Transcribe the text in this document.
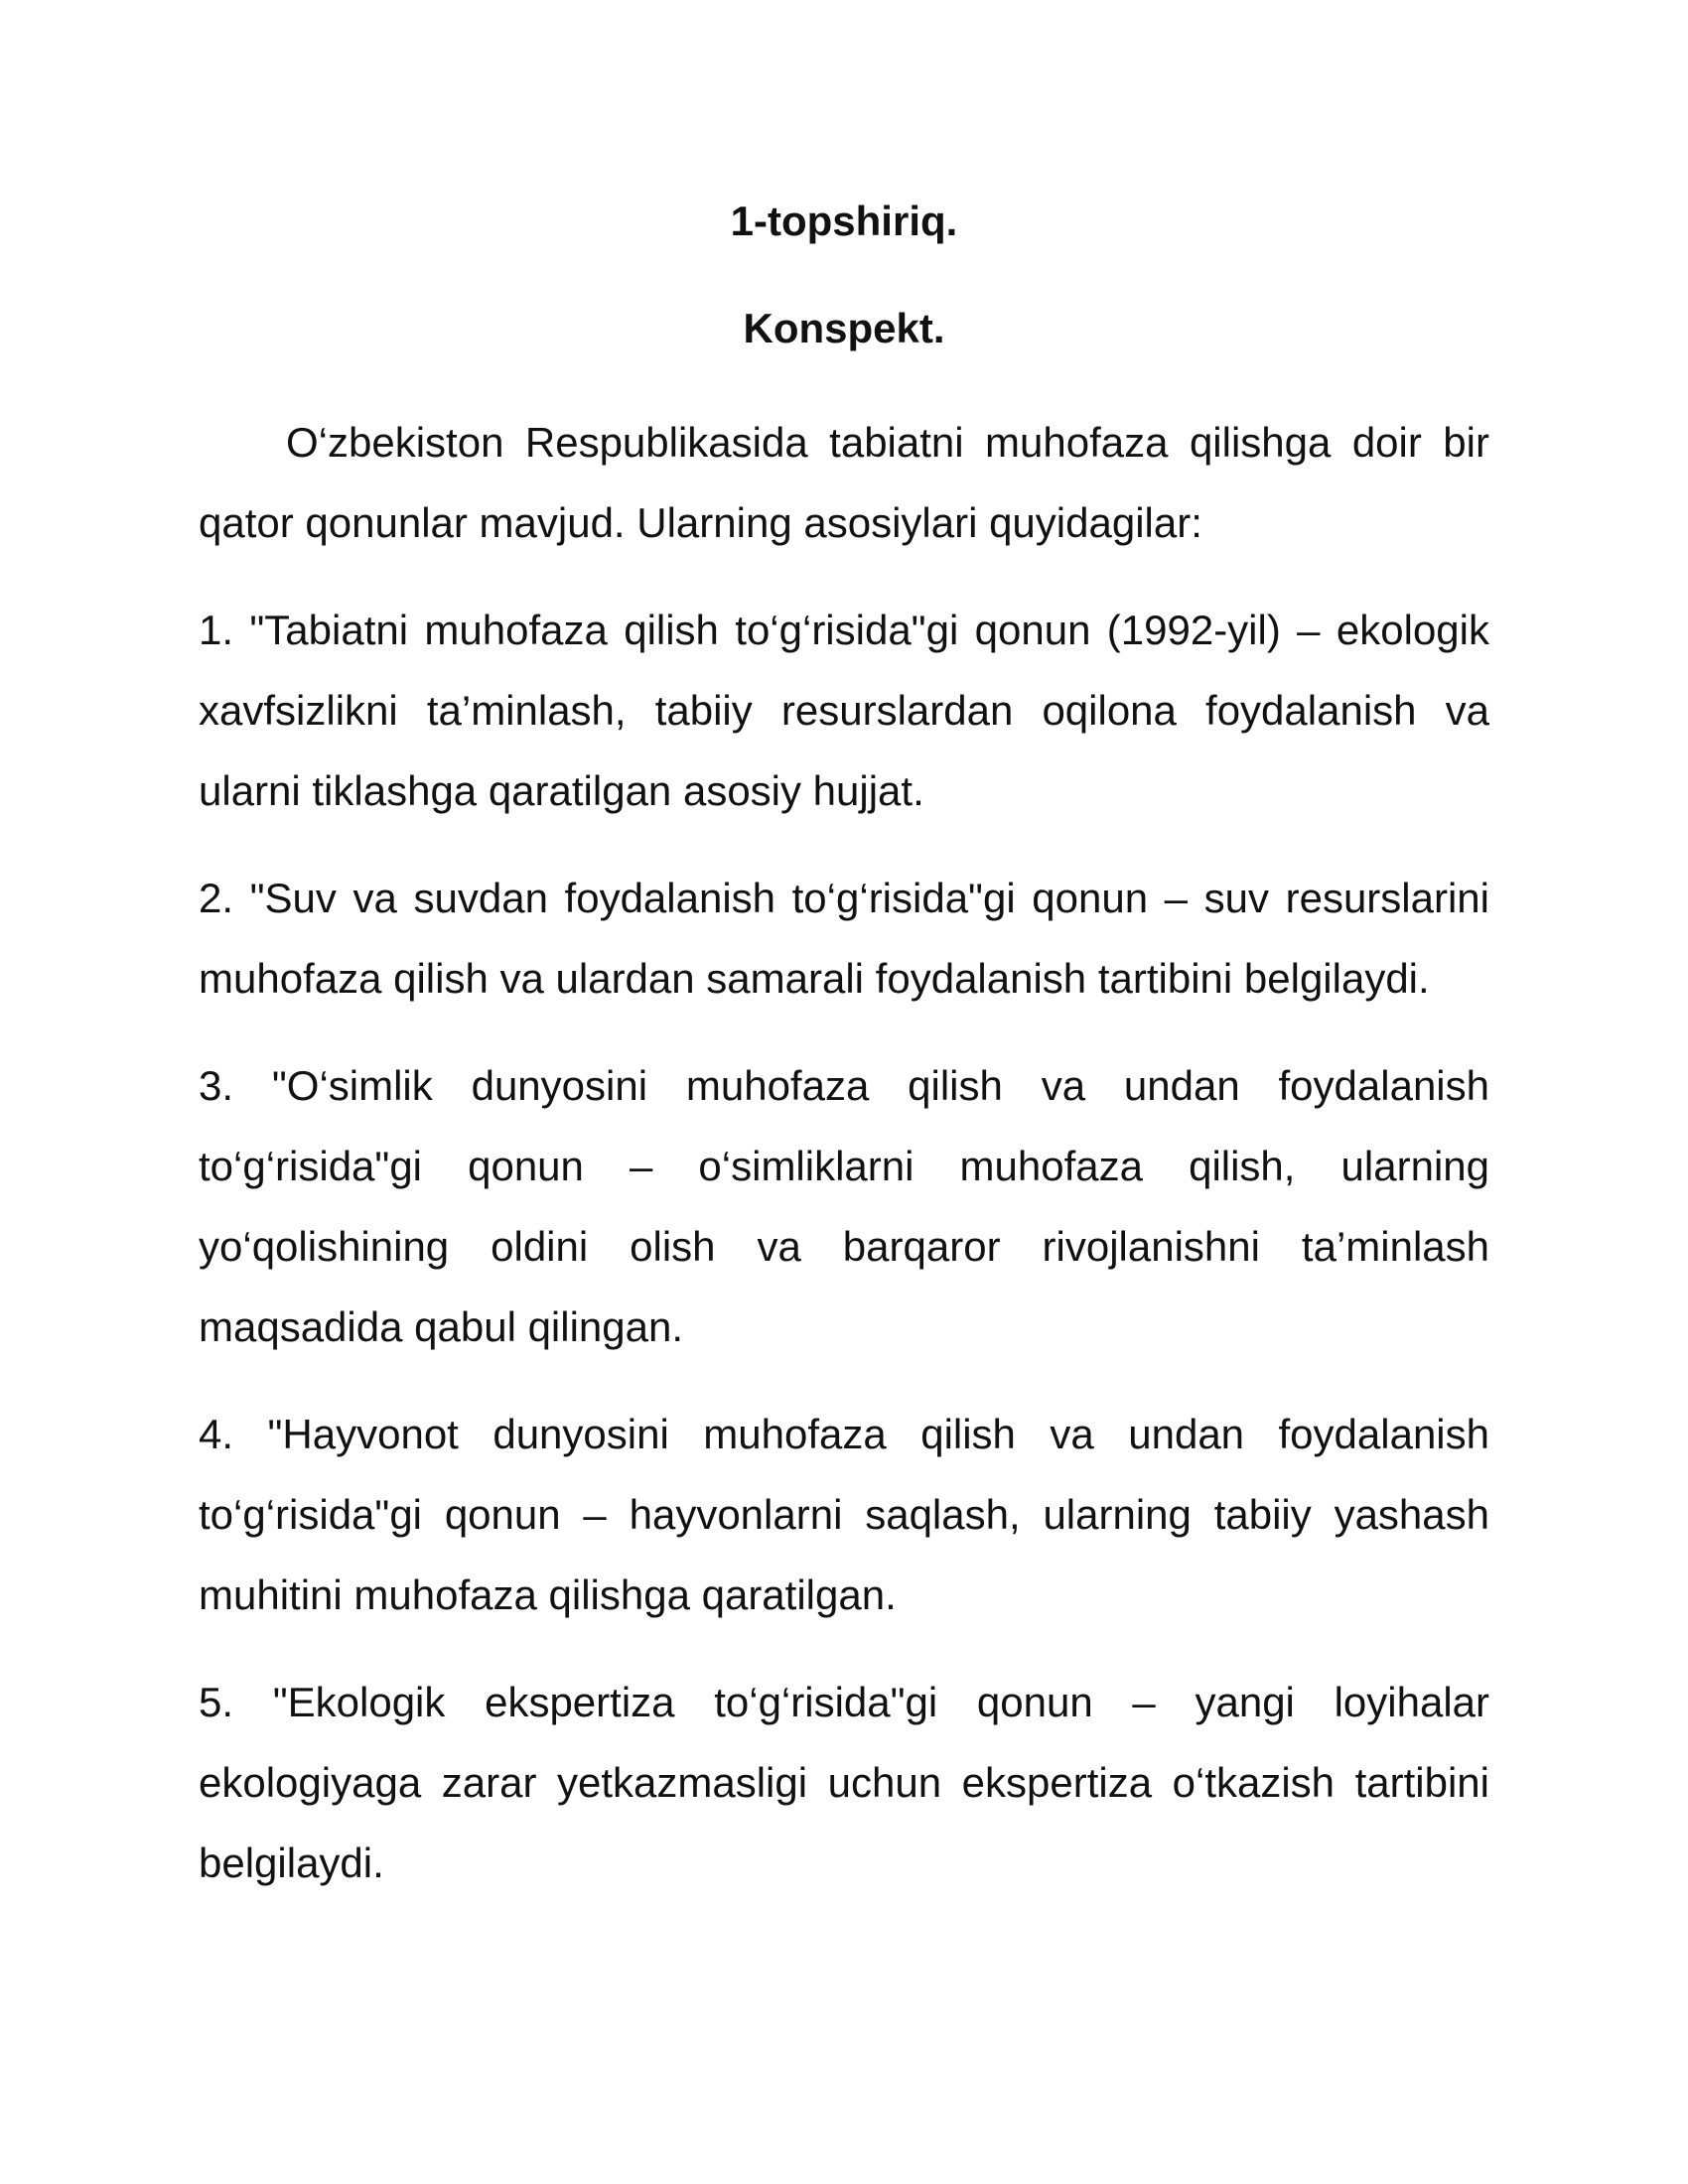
1-topshiriq.
Konspekt.

O‘zbekiston Respublikasida tabiatni muhofaza qilishga doir bir qator qonunlar mavjud. Ularning asosiylari quyidagilar:

1. "Tabiatni muhofaza qilish to‘g‘risida"gi qonun (1992-yil) – ekologik xavfsizlikni ta’minlash, tabiiy resurslardan oqilona foydalanish va ularni tiklashga qaratilgan asosiy hujjat.

2. "Suv va suvdan foydalanish to‘g‘risida"gi qonun – suv resurslarini muhofaza qilish va ulardan samarali foydalanish tartibini belgilaydi.

3. "O‘simlik dunyosini muhofaza qilish va undan foydalanish to‘g‘risida"gi qonun – o‘simliklarni muhofaza qilish, ularning yo‘qolishining oldini olish va barqaror rivojlanishni ta’minlash maqsadida qabul qilingan.

4. "Hayvonot dunyosini muhofaza qilish va undan foydalanish to‘g‘risida"gi qonun – hayvonlarni saqlash, ularning tabiiy yashash muhitini muhofaza qilishga qaratilgan.

5. "Ekologik ekspertiza to‘g‘risida"gi qonun – yangi loyihalar ekologiyaga zarar yetkazmasligi uchun ekspertiza o‘tkazish tartibini belgilaydi.
